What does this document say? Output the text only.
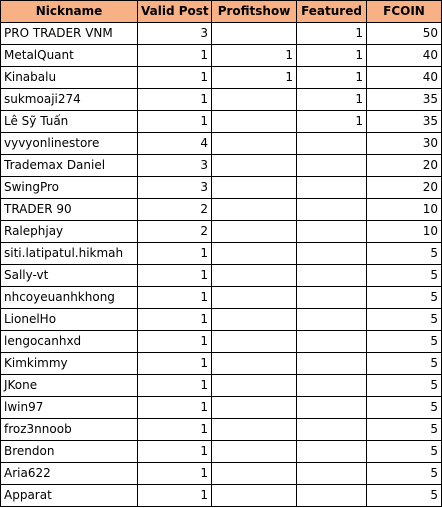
Nickname	Valid Post	Profitshow	Featured	FCOIN
PRO TRADER VNM	3		1	50
MetalQuant	1	1	1	40
Kinabalu	1	1	1	40
sukmoaji274	1		1	35
Lê Sỹ Tuấn	1		1	35
vyvyonlinestore	4			30
Trademax Daniel	3			20
SwingPro	3			20
TRADER 90	2			10
Ralephjay	2			10
siti.latipatul.hikmah	1			5
Sally-vt	1			5
nhcoyeuanhkhong	1			5
LionelHo	1			5
lengocanhxd	1			5
Kimkimmy	1			5
JKone	1			5
lwin97	1			5
froz3nnoob	1			5
Brendon	1			5
Aria622	1			5
Apparat	1			5
